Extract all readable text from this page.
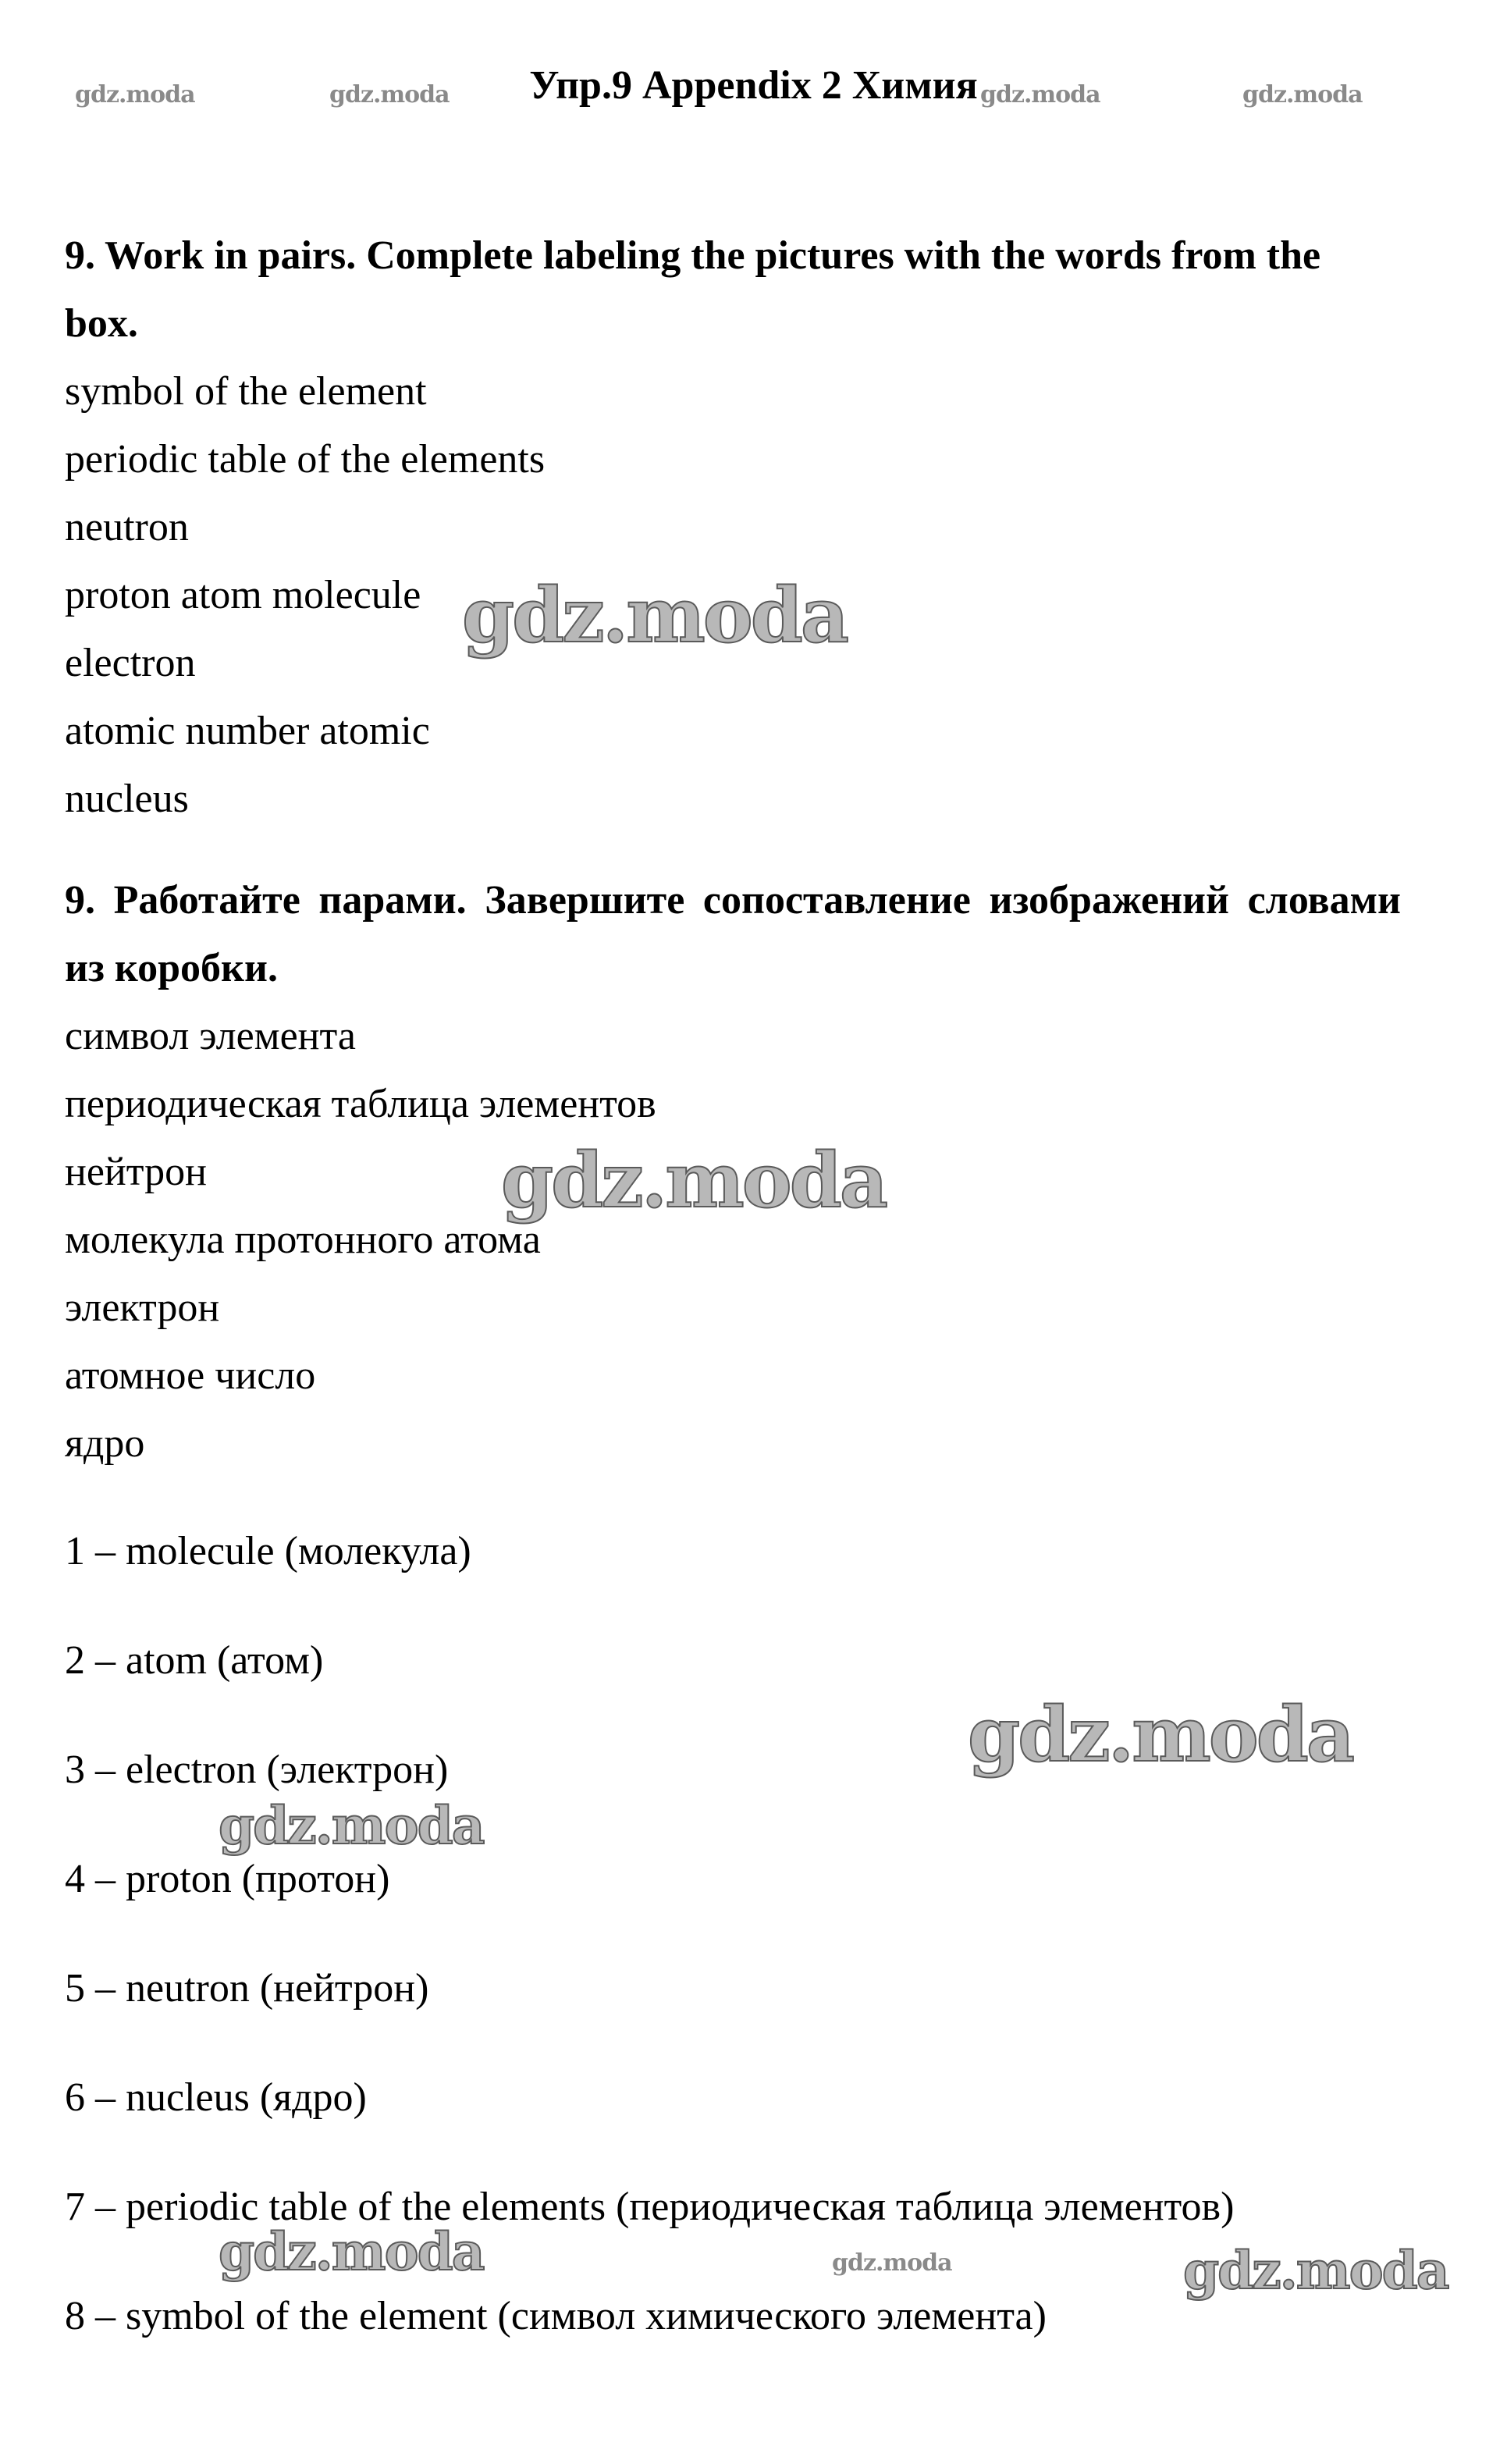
gdz.moda	gdz.moda	gdz.moda	gdz.moda
Упр.9 Appendix 2 Химия
9. Work in pairs. Complete labeling the pictures with the words from the box.
symbol of the element
periodic table of the elements
neutron
proton atom molecule
electron
atomic number atomic
nucleus
9. Работайте парами. Завершите сопоставление изображений словами из коробки.
символ элемента
периодическая таблица элементов
нейтрон
молекула протонного атома
электрон
атомное число
ядро
1 – molecule (молекула)
2 – atom (атом)
3 – electron (электрон)
4 – proton (протон)
5 – neutron (нейтрон)
6 – nucleus (ядро)
7 – periodic table of the elements (периодическая таблица элементов)
8 – symbol of the element (символ химического элемента)
gdz.moda
gdz.moda
gdz.moda
gdz.moda
gdz.moda	gdz.moda	gdz.moda
